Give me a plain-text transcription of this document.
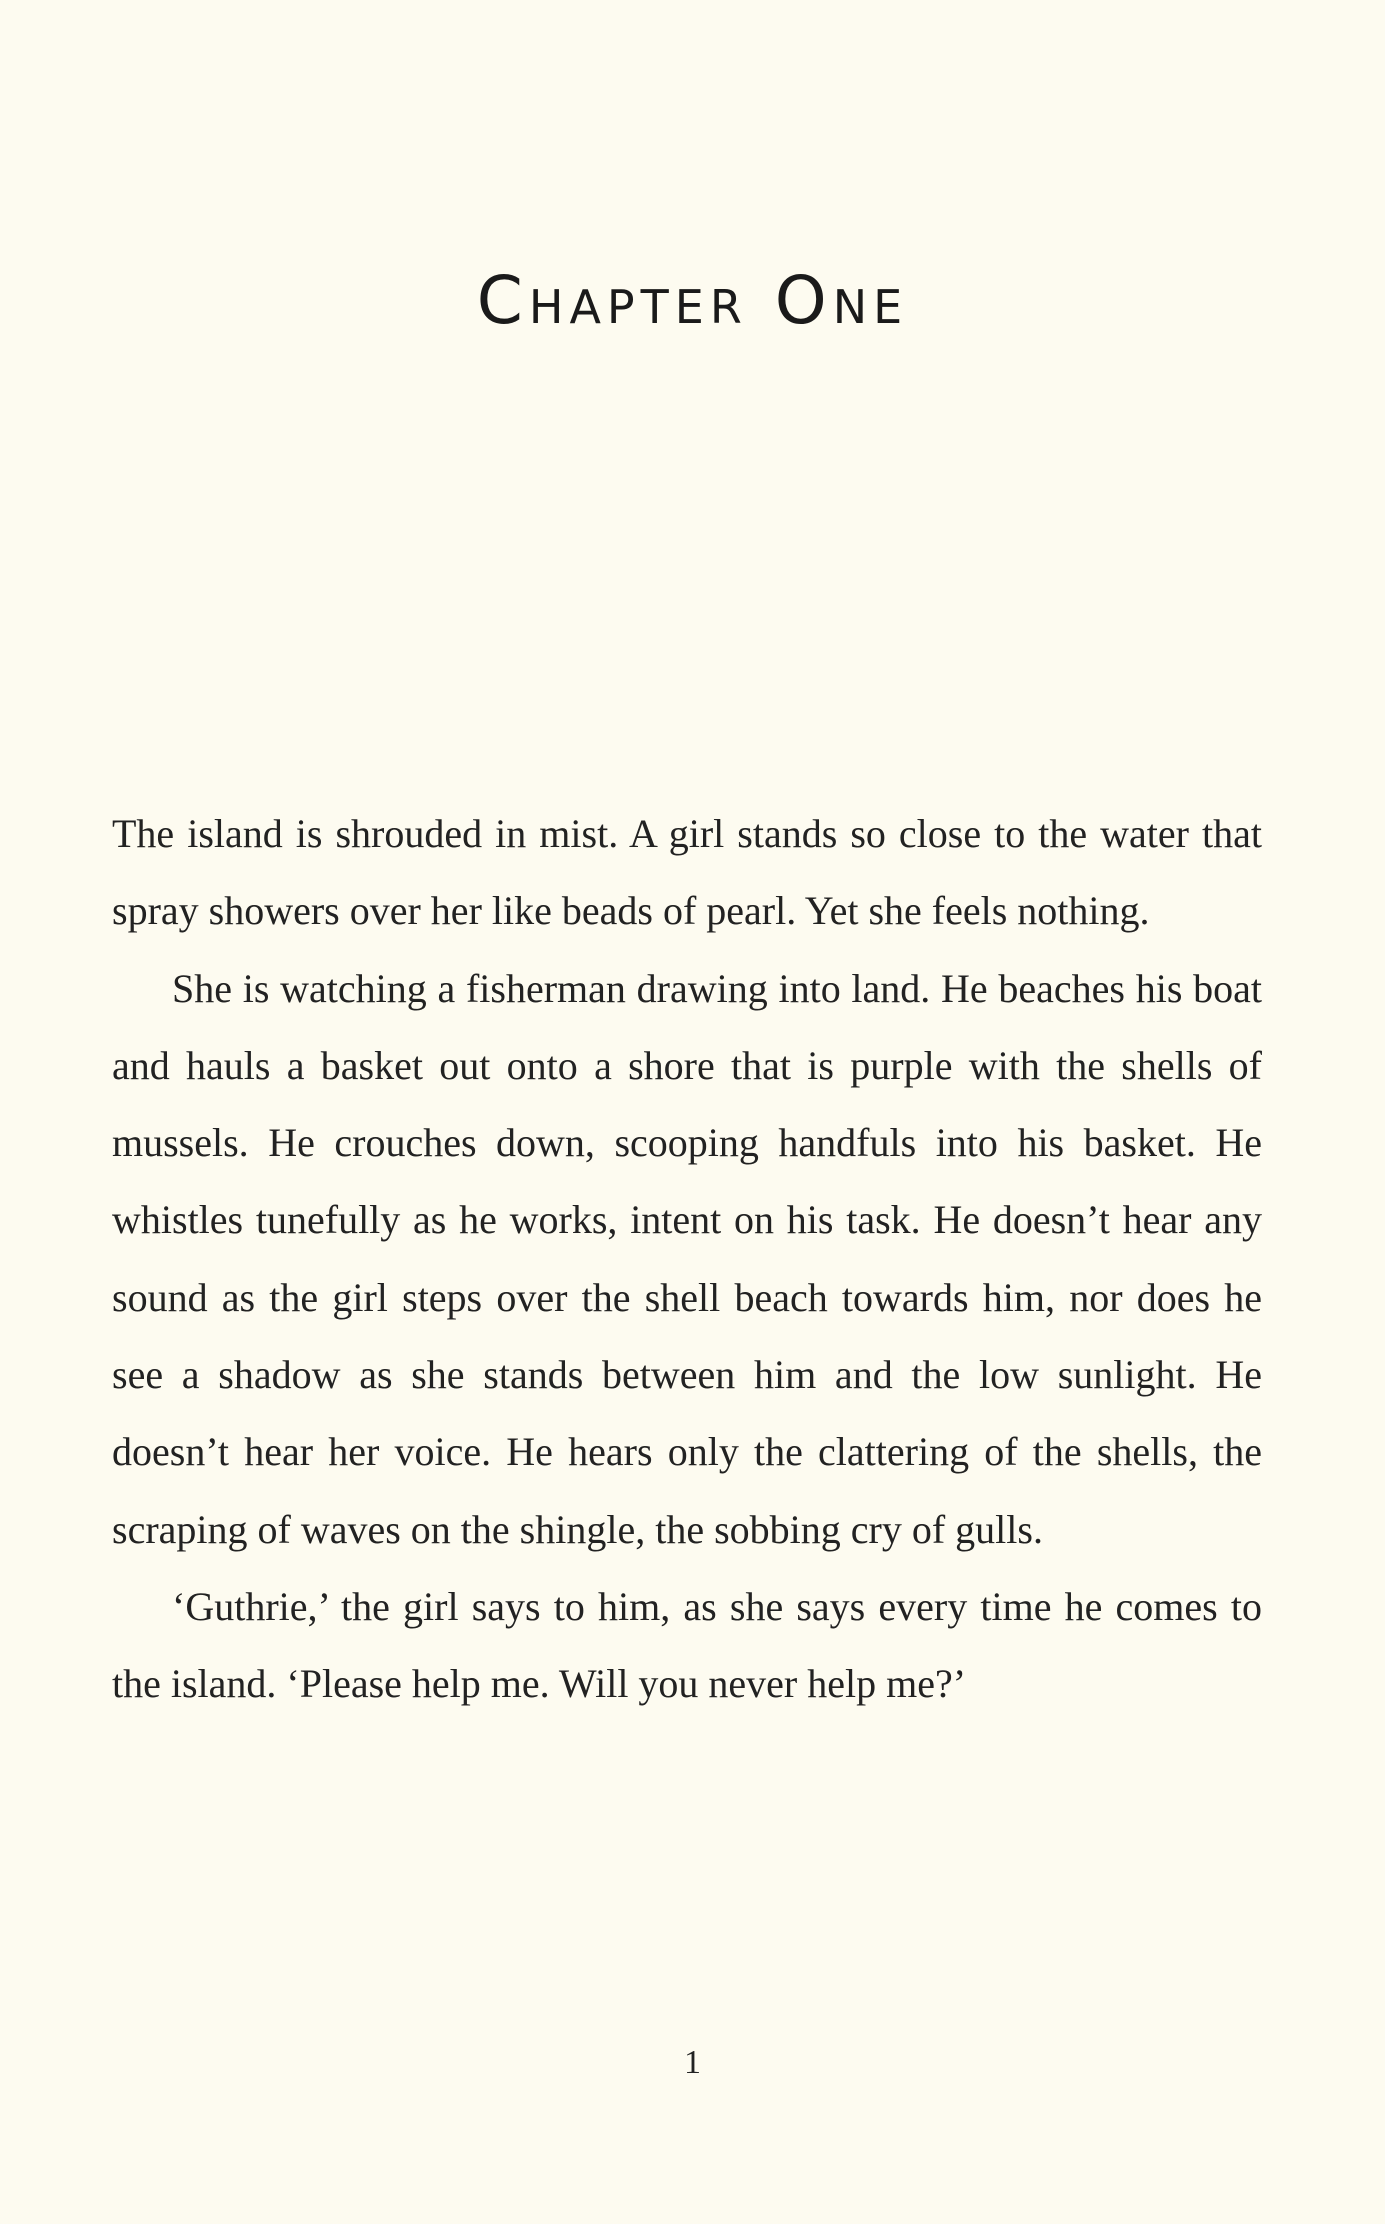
Chapter One

The island is shrouded in mist. A girl stands so close to the water that spray showers over her like beads of pearl. Yet she feels nothing.

She is watching a fisherman drawing into land. He beaches his boat and hauls a basket out onto a shore that is purple with the shells of mussels. He crouches down, scooping handfuls into his basket. He whistles tunefully as he works, intent on his task. He doesn’t hear any sound as the girl steps over the shell beach towards him, nor does he see a shadow as she stands between him and the low sunlight. He doesn’t hear her voice. He hears only the clattering of the shells, the scraping of waves on the shingle, the sobbing cry of gulls.

‘Guthrie,’ the girl says to him, as she says every time he comes to the island. ‘Please help me. Will you never help me?’

1
